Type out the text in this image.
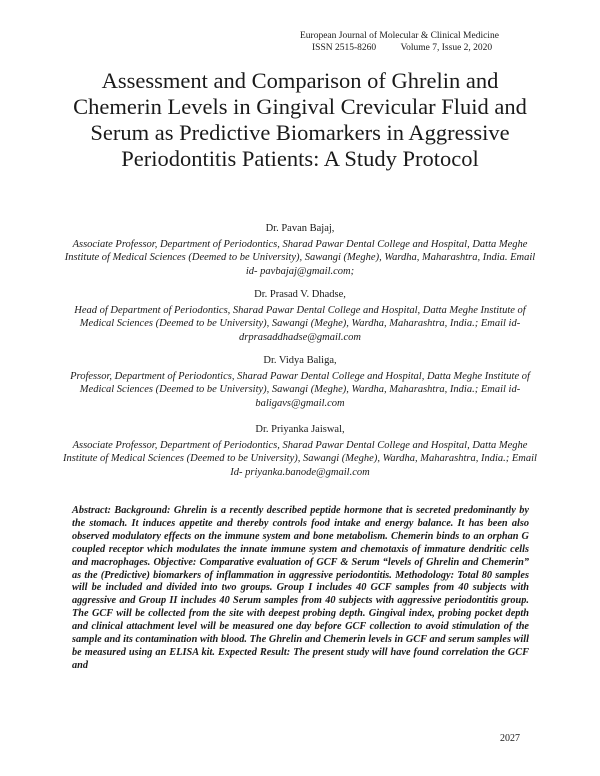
European Journal of Molecular & Clinical Medicine
ISSN 2515-8260	Volume 7, Issue 2, 2020
Assessment and Comparison of Ghrelin and Chemerin Levels in Gingival Crevicular Fluid and Serum as Predictive Biomarkers in Aggressive Periodontitis Patients: A Study Protocol
Dr. Pavan Bajaj,
Associate Professor, Department of Periodontics, Sharad Pawar Dental College and Hospital, Datta Meghe Institute of Medical Sciences (Deemed to be University), Sawangi (Meghe), Wardha, Maharashtra, India. Email id- pavbajaj@gmail.com;
Dr. Prasad V. Dhadse,
Head of Department of Periodontics, Sharad Pawar Dental College and Hospital, Datta Meghe Institute of Medical Sciences (Deemed to be University), Sawangi (Meghe), Wardha, Maharashtra, India.; Email id- drprasaddhadse@gmail.com
Dr. Vidya Baliga,
Professor, Department of Periodontics, Sharad Pawar Dental College and Hospital, Datta Meghe Institute of Medical Sciences (Deemed to be University), Sawangi (Meghe), Wardha, Maharashtra, India.; Email id- baligavs@gmail.com
Dr. Priyanka Jaiswal,
Associate Professor, Department of Periodontics, Sharad Pawar Dental College and Hospital, Datta Meghe Institute of Medical Sciences (Deemed to be University), Sawangi (Meghe), Wardha, Maharashtra, India.; Email Id- priyanka.banode@gmail.com

Abstract: Background: Ghrelin is a recently described peptide hormone that is secreted predominantly by the stomach. It induces appetite and thereby controls food intake and energy balance. It has been also observed modulatory effects on the immune system and bone metabolism. Chemerin binds to an orphan G coupled receptor which modulates the innate immune system and chemotaxis of immature dendritic cells and macrophages. Objective: Comparative evaluation of GCF & Serum “levels of Ghrelin and Chemerin” as the (Predictive) biomarkers of inflammation in aggressive periodontitis. Methodology: Total 80 samples will be included and divided into two groups. Group I includes 40 GCF samples from 40 subjects with aggressive and Group II includes 40 Serum samples from 40 subjects with aggressive periodontitis group. The GCF will be collected from the site with deepest probing depth. Gingival index, probing pocket depth and clinical attachment level will be measured one day before GCF collection to avoid stimulation of the sample and its contamination with blood. The Ghrelin and Chemerin levels in GCF and serum samples will be measured using an ELISA kit. Expected Result: The present study will have found correlation the GCF and

2027
